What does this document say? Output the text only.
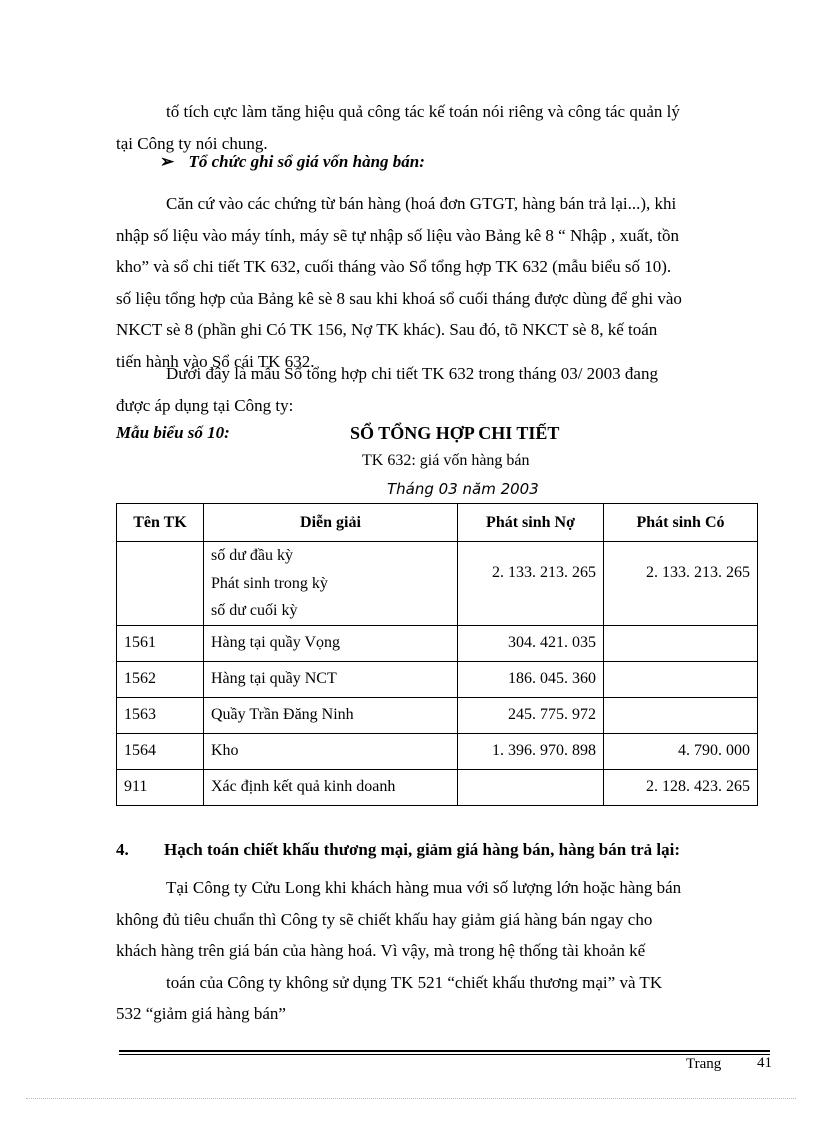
tố tích cực làm tăng hiệu quả công tác kế toán nói riêng và công tác quản lý
tại Công ty nói chung.

➢ Tổ chức ghi sổ giá vốn hàng bán:

Căn cứ vào các chứng từ bán hàng (hoá đơn GTGT, hàng bán trả lại...), khi
nhập số liệu vào máy tính, máy sẽ tự nhập số liệu vào Bảng kê 8 “ Nhập , xuất, tồn
kho” và sổ chi tiết TK 632, cuối tháng vào Sổ tổng hợp TK 632 (mẫu biểu số 10).
số liệu tổng hợp của Bảng kê sè 8 sau khi khoá sổ cuối tháng được dùng để ghi vào
NKCT sè 8 (phần ghi Có TK 156, Nợ TK khác). Sau đó, tõ NKCT sè 8, kế toán
tiến hành vào Sổ cái TK 632.

Dưới đây là mẫu Sổ tổng hợp chi tiết TK 632 trong tháng 03/ 2003 đang
được áp dụng tại Công ty:

Mẫu biểu số 10:	SỔ TỔNG HỢP CHI TIẾT
TK 632: giá vốn hàng bán
Tháng 03 năm 2003
Tên TK	Diễn giải	Phát sinh Nợ	Phát sinh Có

	số dư đầu kỳ
Phát sinh trong kỳ
số dư cuối kỳ	2. 133. 213. 265	2. 133. 213. 265
1561	Hàng tại quầy Vọng	304. 421. 035	
1562	Hàng tại quầy NCT	186. 045. 360	
1563	Quầy Trần Đăng Ninh	245. 775. 972	
1564	Kho	1. 396. 970. 898	4. 790. 000
911	Xác định kết quả kinh doanh		2. 128. 423. 265
4. Hạch toán chiết khấu thương mại, giảm giá hàng bán, hàng bán trả lại:

Tại Công ty Cửu Long khi khách hàng mua với số lượng lớn hoặc hàng bán
không đủ tiêu chuẩn thì Công ty sẽ chiết khấu hay giảm giá hàng bán ngay cho
khách hàng trên giá bán của hàng hoá. Vì vậy, mà trong hệ thống tài khoản kế
toán của Công ty không sử dụng TK 521 “chiết khấu thương mại” và TK
532 “giảm giá hàng bán”

Trang 41
